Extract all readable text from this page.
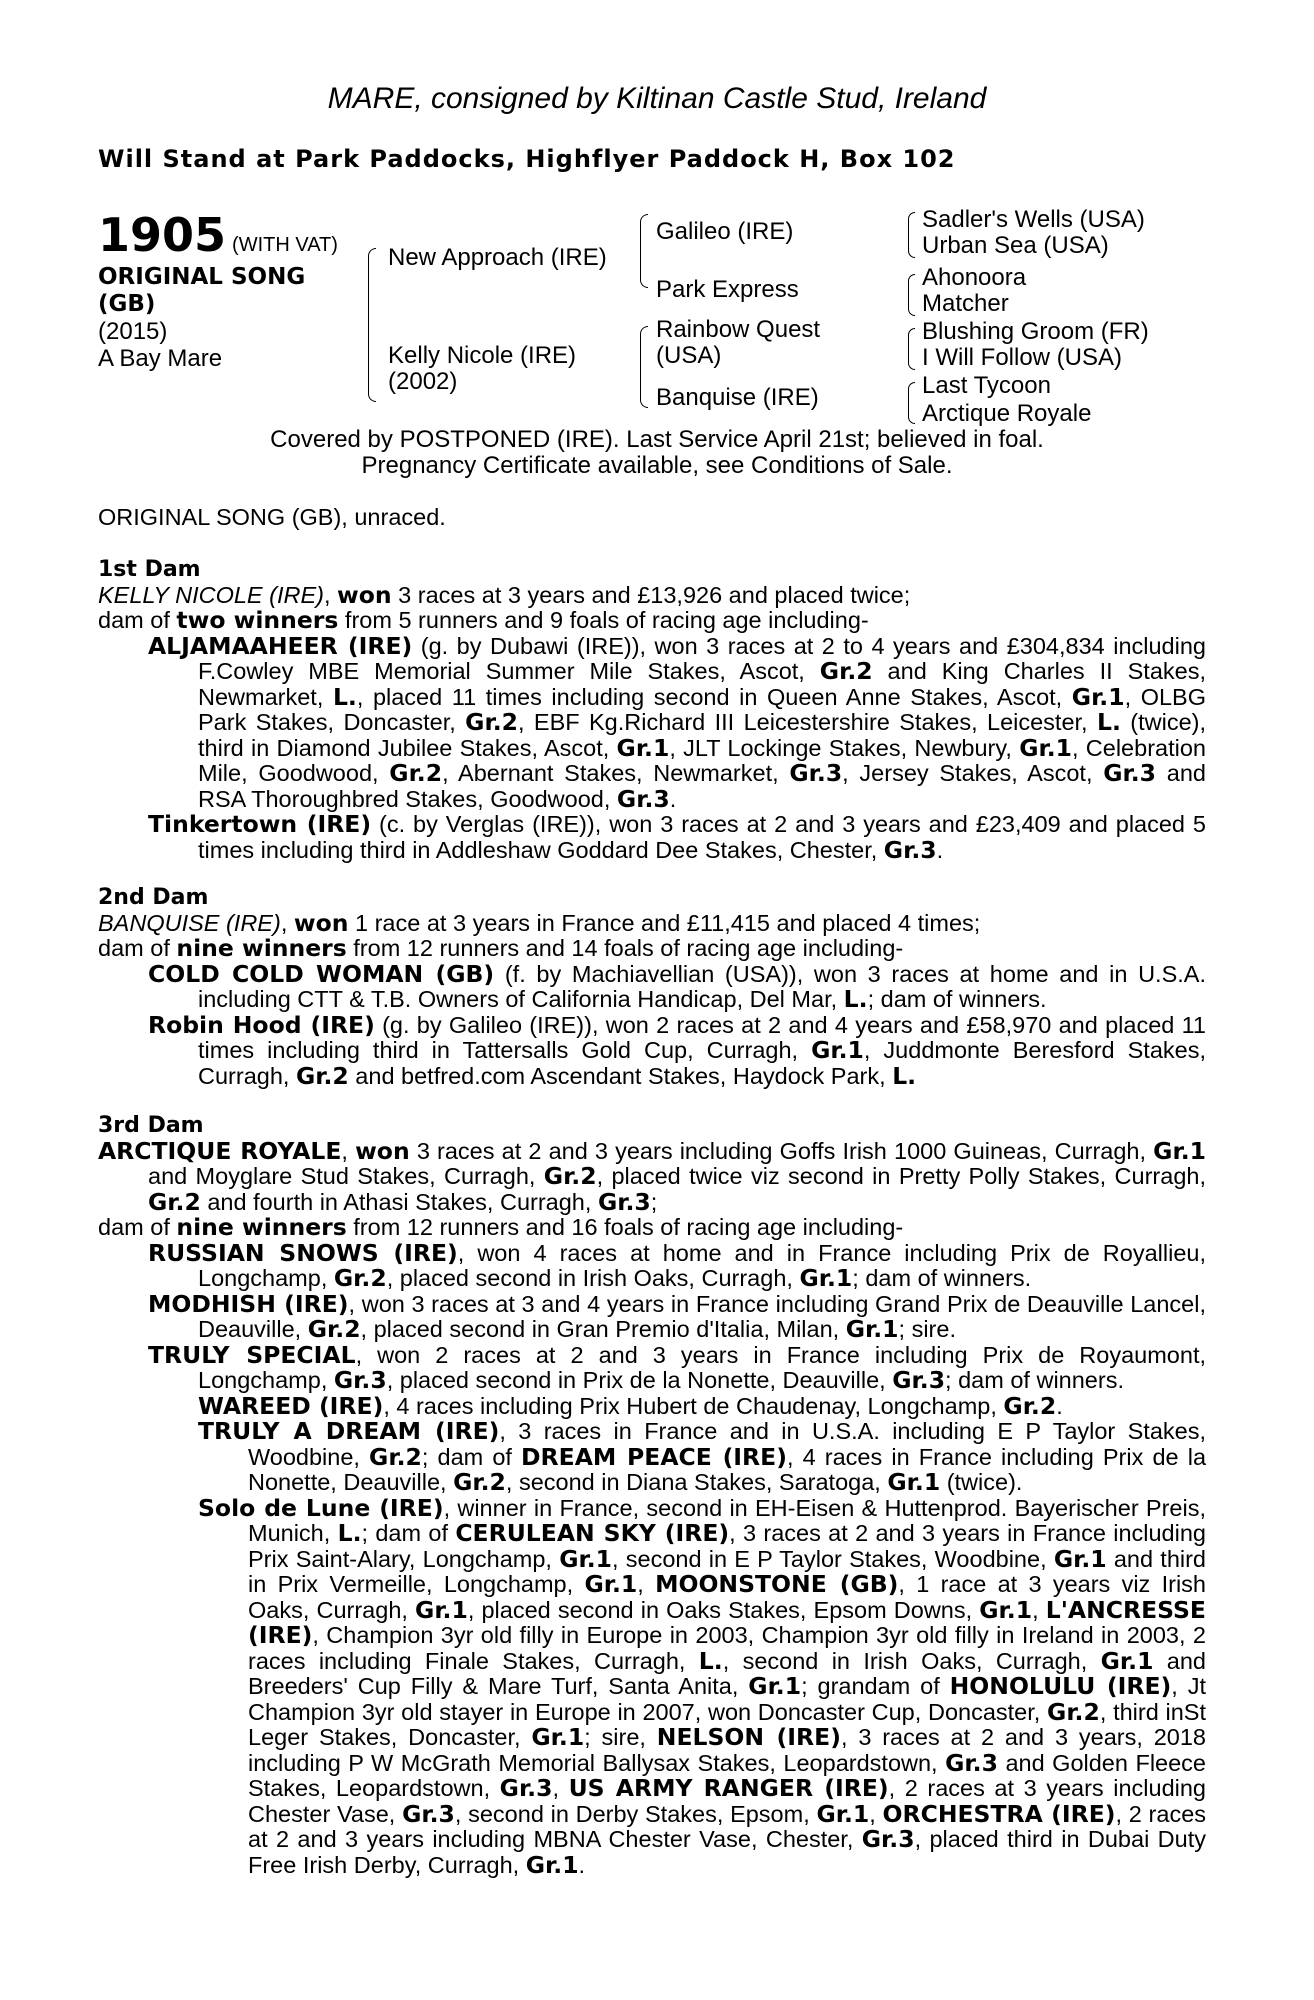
MARE, consigned by Kiltinan Castle Stud, Ireland
Will Stand at Park Paddocks, Highflyer Paddock H, Box 102
1905 (WITH VAT)
ORIGINAL SONG
(GB)
(2015)
A Bay Mare
New Approach (IRE)
Kelly Nicole (IRE)
(2002)
Galileo (IRE)
Park Express
Rainbow Quest
(USA)
Banquise (IRE)
Sadler's Wells (USA)
Urban Sea (USA)
Ahonoora
Matcher
Blushing Groom (FR)
I Will Follow (USA)
Last Tycoon
Arctique Royale
Covered by POSTPONED (IRE). Last Service April 21st; believed in foal.
Pregnancy Certificate available, see Conditions of Sale.
ORIGINAL SONG (GB), unraced.

1st Dam

KELLY NICOLE (IRE), won 3 races at 3 years and £13,926 and placed twice;

dam of two winners from 5 runners and 9 foals of racing age including-

ALJAMAAHEER (IRE) (g. by Dubawi (IRE)), won 3 races at 2 to 4 years and £304,834 including F.Cowley MBE Memorial Summer Mile Stakes, Ascot, Gr.2 and King Charles II Stakes, Newmarket, L., placed 11 times including second in Queen Anne Stakes, Ascot, Gr.1, OLBG Park Stakes, Doncaster, Gr.2, EBF Kg.Richard III Leicestershire Stakes, Leicester, L. (twice), third in Diamond Jubilee Stakes, Ascot, Gr.1, JLT Lockinge Stakes, Newbury, Gr.1, Celebration Mile, Goodwood, Gr.2, Abernant Stakes, Newmarket, Gr.3, Jersey Stakes, Ascot, Gr.3 and RSA Thoroughbred Stakes, Goodwood, Gr.3.

Tinkertown (IRE) (c. by Verglas (IRE)), won 3 races at 2 and 3 years and £23,409 and placed 5 times including third in Addleshaw Goddard Dee Stakes, Chester, Gr.3.

2nd Dam

BANQUISE (IRE), won 1 race at 3 years in France and £11,415 and placed 4 times;

dam of nine winners from 12 runners and 14 foals of racing age including-

COLD COLD WOMAN (GB) (f. by Machiavellian (USA)), won 3 races at home and in U.S.A. including CTT & T.B. Owners of California Handicap, Del Mar, L.; dam of winners.

Robin Hood (IRE) (g. by Galileo (IRE)), won 2 races at 2 and 4 years and £58,970 and placed 11 times including third in Tattersalls Gold Cup, Curragh, Gr.1, Juddmonte Beresford Stakes, Curragh, Gr.2 and betfred.com Ascendant Stakes, Haydock Park, L.

3rd Dam

ARCTIQUE ROYALE, won 3 races at 2 and 3 years including Goffs Irish 1000 Guineas, Curragh, Gr.1 and Moyglare Stud Stakes, Curragh, Gr.2, placed twice viz second in Pretty Polly Stakes, Curragh, Gr.2 and fourth in Athasi Stakes, Curragh, Gr.3;

dam of nine winners from 12 runners and 16 foals of racing age including-

RUSSIAN SNOWS (IRE), won 4 races at home and in France including Prix de Royallieu, Longchamp, Gr.2, placed second in Irish Oaks, Curragh, Gr.1; dam of winners.

MODHISH (IRE), won 3 races at 3 and 4 years in France including Grand Prix de Deauville Lancel, Deauville, Gr.2, placed second in Gran Premio d'Italia, Milan, Gr.1; sire.

TRULY SPECIAL, won 2 races at 2 and 3 years in France including Prix de Royaumont, Longchamp, Gr.3, placed second in Prix de la Nonette, Deauville, Gr.3; dam of winners.

WAREED (IRE), 4 races including Prix Hubert de Chaudenay, Longchamp, Gr.2.

TRULY A DREAM (IRE), 3 races in France and in U.S.A. including E P Taylor Stakes, Woodbine, Gr.2; dam of DREAM PEACE (IRE), 4 races in France including Prix de la Nonette, Deauville, Gr.2, second in Diana Stakes, Saratoga, Gr.1 (twice).

Solo de Lune (IRE), winner in France, second in EH-Eisen & Huttenprod. Bayerischer Preis, Munich, L.; dam of CERULEAN SKY (IRE), 3 races at 2 and 3 years in France including Prix Saint-Alary, Longchamp, Gr.1, second in E P Taylor Stakes, Woodbine, Gr.1 and third in Prix Vermeille, Longchamp, Gr.1, MOONSTONE (GB), 1 race at 3 years viz Irish Oaks, Curragh, Gr.1, placed second in Oaks Stakes, Epsom Downs, Gr.1, L'ANCRESSE (IRE), Champion 3yr old filly in Europe in 2003, Champion 3yr old filly in Ireland in 2003, 2 races including Finale Stakes, Curragh, L., second in Irish Oaks, Curragh, Gr.1 and Breeders' Cup Filly & Mare Turf, Santa Anita, Gr.1; grandam of HONOLULU (IRE), Jt Champion 3yr old stayer in Europe in 2007, won Doncaster Cup, Doncaster, Gr.2, third inSt Leger Stakes, Doncaster, Gr.1; sire, NELSON (IRE), 3 races at 2 and 3 years, 2018 including P W McGrath Memorial Ballysax Stakes, Leopardstown, Gr.3 and Golden Fleece Stakes, Leopardstown, Gr.3, US ARMY RANGER (IRE), 2 races at 3 years including Chester Vase, Gr.3, second in Derby Stakes, Epsom, Gr.1, ORCHESTRA (IRE), 2 races at 2 and 3 years including MBNA Chester Vase, Chester, Gr.3, placed third in Dubai Duty Free Irish Derby, Curragh, Gr.1.
